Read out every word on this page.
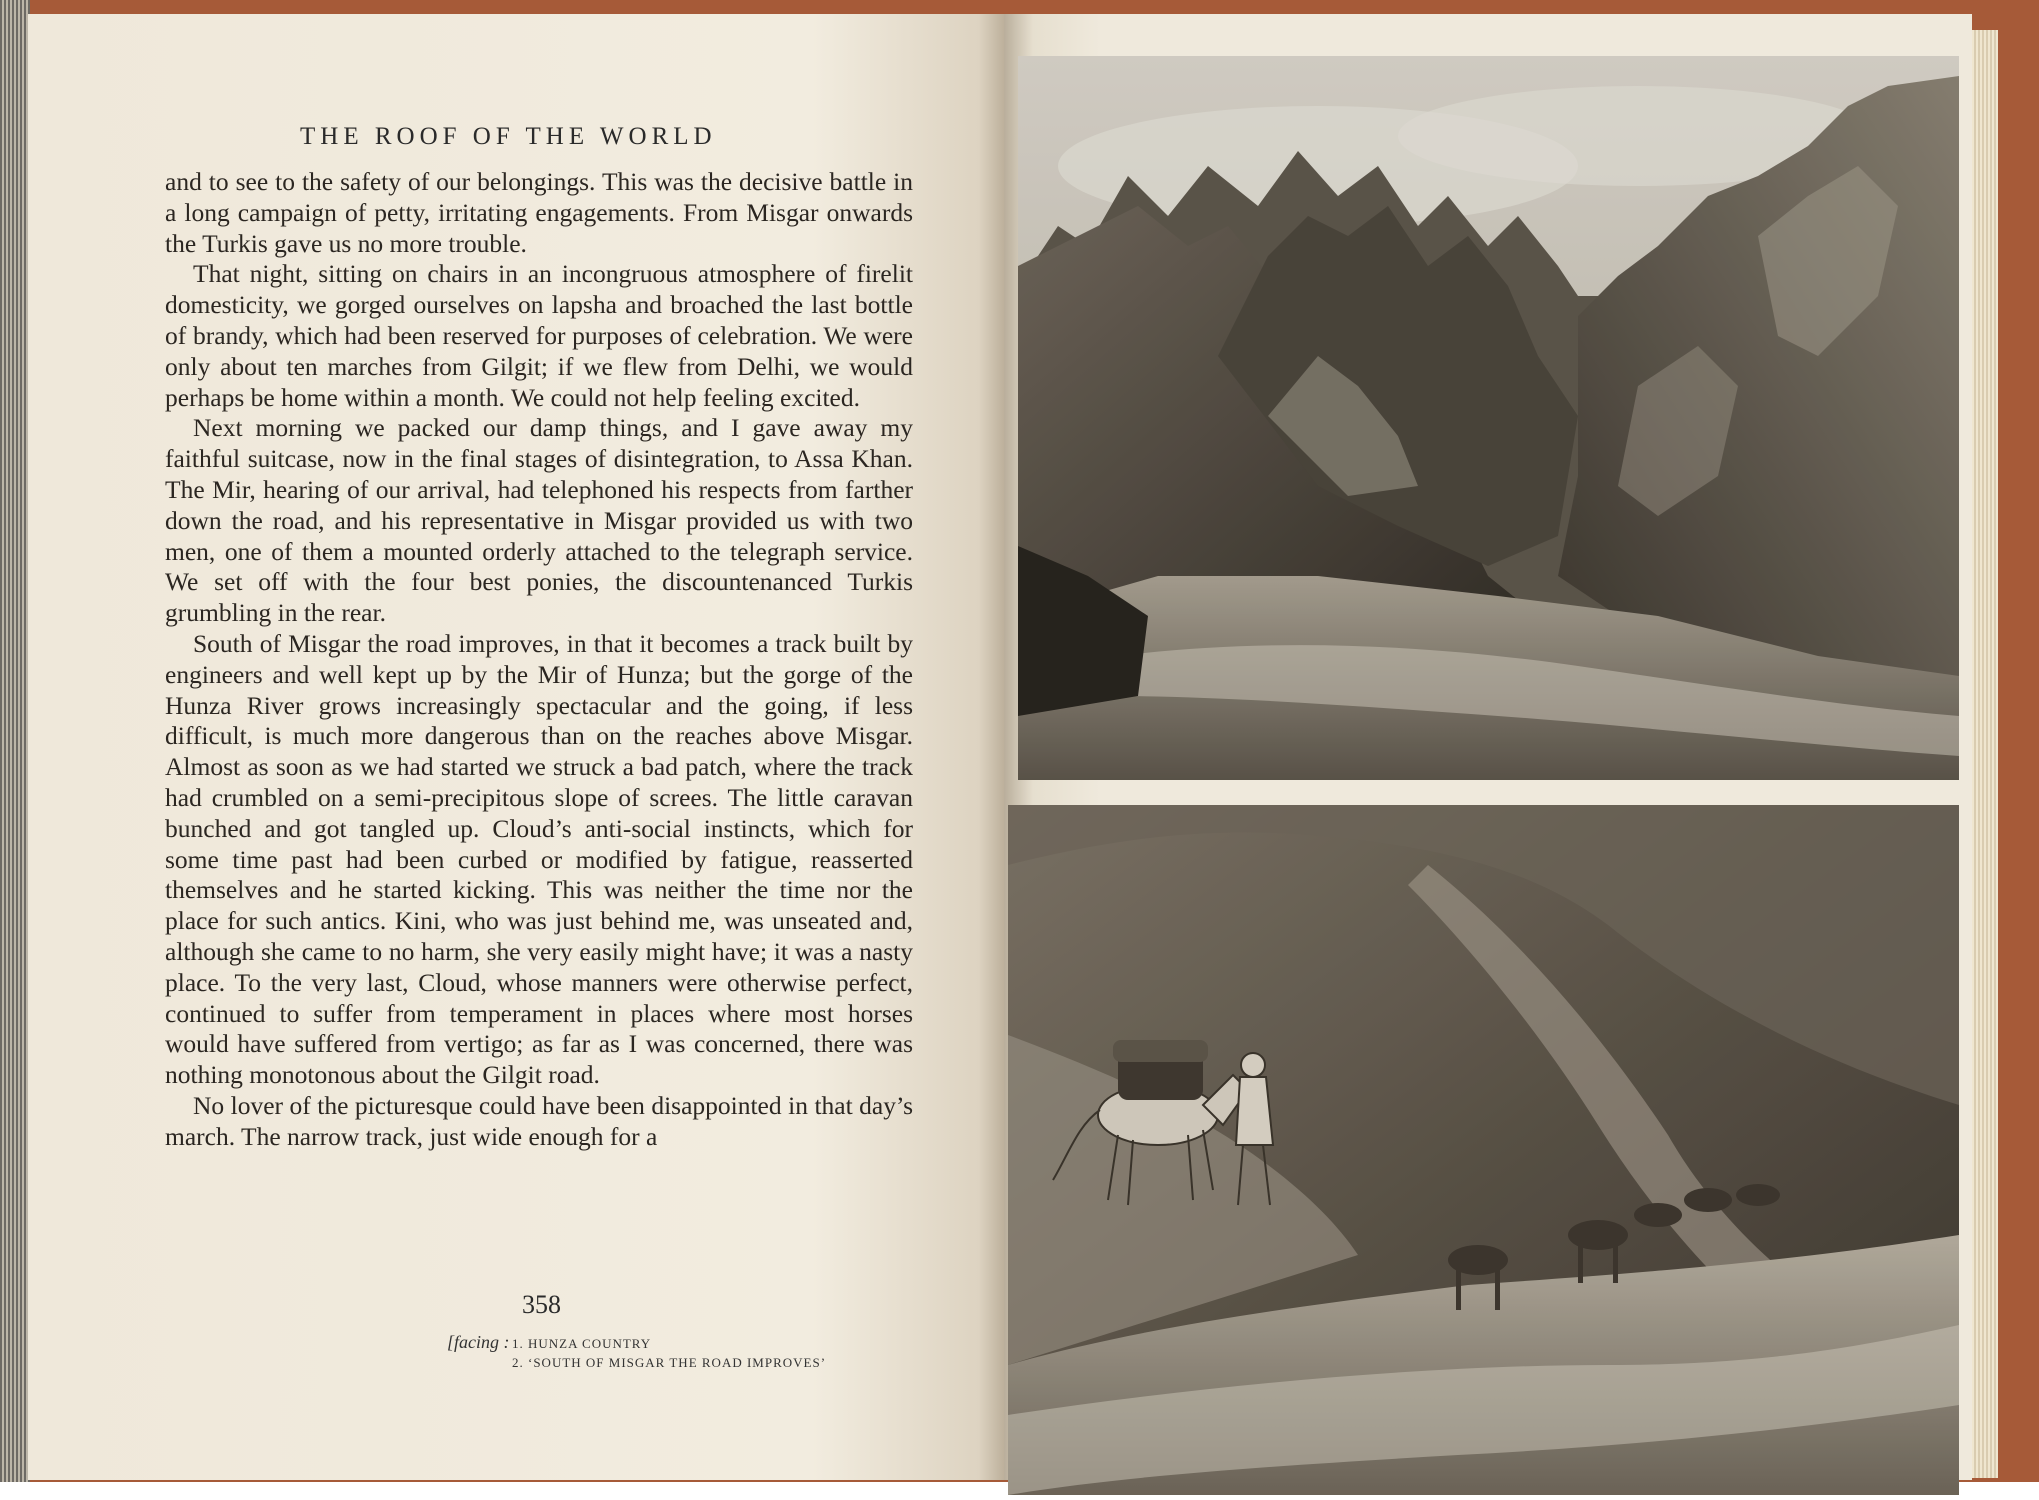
THE ROOF OF THE WORLD

and to see to the safety of our belongings. This was the decisive battle in a long campaign of petty, irritating engagements. From Misgar onwards the Turkis gave us no more trouble.

That night, sitting on chairs in an incongruous atmosphere of firelit domesticity, we gorged ourselves on lapsha and broached the last bottle of brandy, which had been reserved for purposes of celebration. We were only about ten marches from Gilgit; if we flew from Delhi, we would perhaps be home within a month. We could not help feeling excited.

Next morning we packed our damp things, and I gave away my faithful suitcase, now in the final stages of disintegration, to Assa Khan. The Mir, hearing of our arrival, had telephoned his respects from farther down the road, and his representative in Misgar provided us with two men, one of them a mounted orderly attached to the telegraph service. We set off with the four best ponies, the discountenanced Turkis grumbling in the rear.

South of Misgar the road improves, in that it becomes a track built by engineers and well kept up by the Mir of Hunza; but the gorge of the Hunza River grows increasingly spectacular and the going, if less difficult, is much more dangerous than on the reaches above Misgar. Almost as soon as we had started we struck a bad patch, where the track had crumbled on a semi-precipitous slope of screes. The little caravan bunched and got tangled up. Cloud’s anti-social instincts, which for some time past had been curbed or modified by fatigue, reasserted themselves and he started kicking. This was neither the time nor the place for such antics. Kini, who was just behind me, was unseated and, although she came to no harm, she very easily might have; it was a nasty place. To the very last, Cloud, whose manners were otherwise perfect, continued to suffer from temperament in places where most horses would have suffered from vertigo; as far as I was concerned, there was nothing monotonous about the Gilgit road.

No lover of the picturesque could have been disappointed in that day’s march. The narrow track, just wide enough for a

358
[facing : 1. HUNZA COUNTRY
2. ‘SOUTH OF MISGAR THE ROAD IMPROVES’
